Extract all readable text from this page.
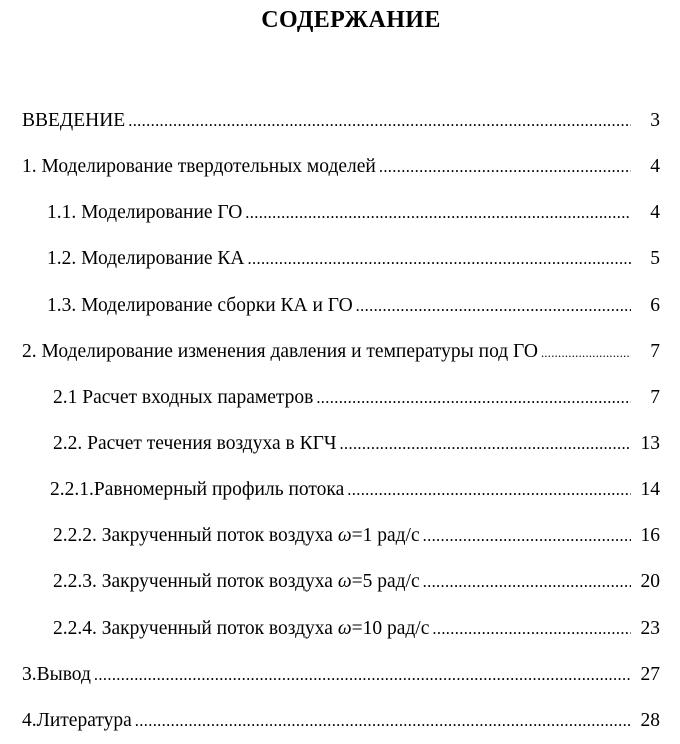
СОДЕРЖАНИЕ
ВВЕДЕНИЕ .....	3
1. Моделирование твердотельных моделей .....	4
1.1. Моделирование ГО .....	4
1.2. Моделирование КА .....	5
1.3. Моделирование сборки КА и ГО .....	6
2. Моделирование изменения давления и температуры под ГО .....	7
2.1 Расчет входных параметров .....	7
2.2. Расчет течения воздуха в КГЧ .....	13
2.2.1.Равномерный профиль потока .....	14
2.2.2. Закрученный поток воздуха ω=1 рад/с .....	16
2.2.3. Закрученный поток воздуха ω=5 рад/с .....	20
2.2.4. Закрученный поток воздуха ω=10 рад/с .....	23
3.Вывод .....	27
4.Литература .....	28
